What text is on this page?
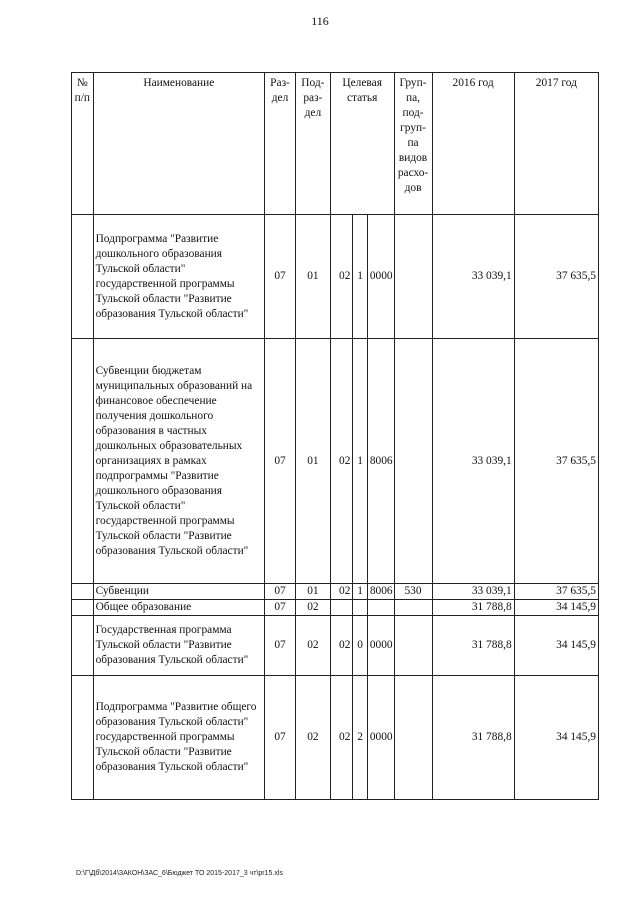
116
№ п/п	Наименование	Раз-дел	Под-раз-дел	Целевая статья			Груп-па, под-груп-па видов расхо-дов	2016 год	2017 год
	Подпрограмма "Развитие дошкольного образования Тульской области" государственной программы Тульской области "Развитие образования Тульской области"	07	01	02	1	0000		33 039,1	37 635,5
	Субвенции бюджетам муниципальных образований на финансовое обеспечение получения дошкольного образования в частных дошкольных образовательных организациях в рамках подпрограммы "Развитие дошкольного образования Тульской области" государственной программы Тульской области "Развитие образования Тульской области"	07	01	02	1	8006		33 039,1	37 635,5
	Субвенции	07	01	02	1	8006	530	33 039,1	37 635,5
	Общее образование	07	02					31 788,8	34 145,9
	Государственная программа Тульской области "Развитие образования Тульской области"	07	02	02	0	0000		31 788,8	34 145,9
	Подпрограмма "Развитие общего образования Тульской области" государственной программы Тульской области "Развитие образования Тульской области"	07	02	02	2	0000		31 788,8	34 145,9
D:\Г\Дб\2014\ЗАКОН\ЗАС_6\Бюджет ТО 2015-2017_3 чт\pr15.xls
